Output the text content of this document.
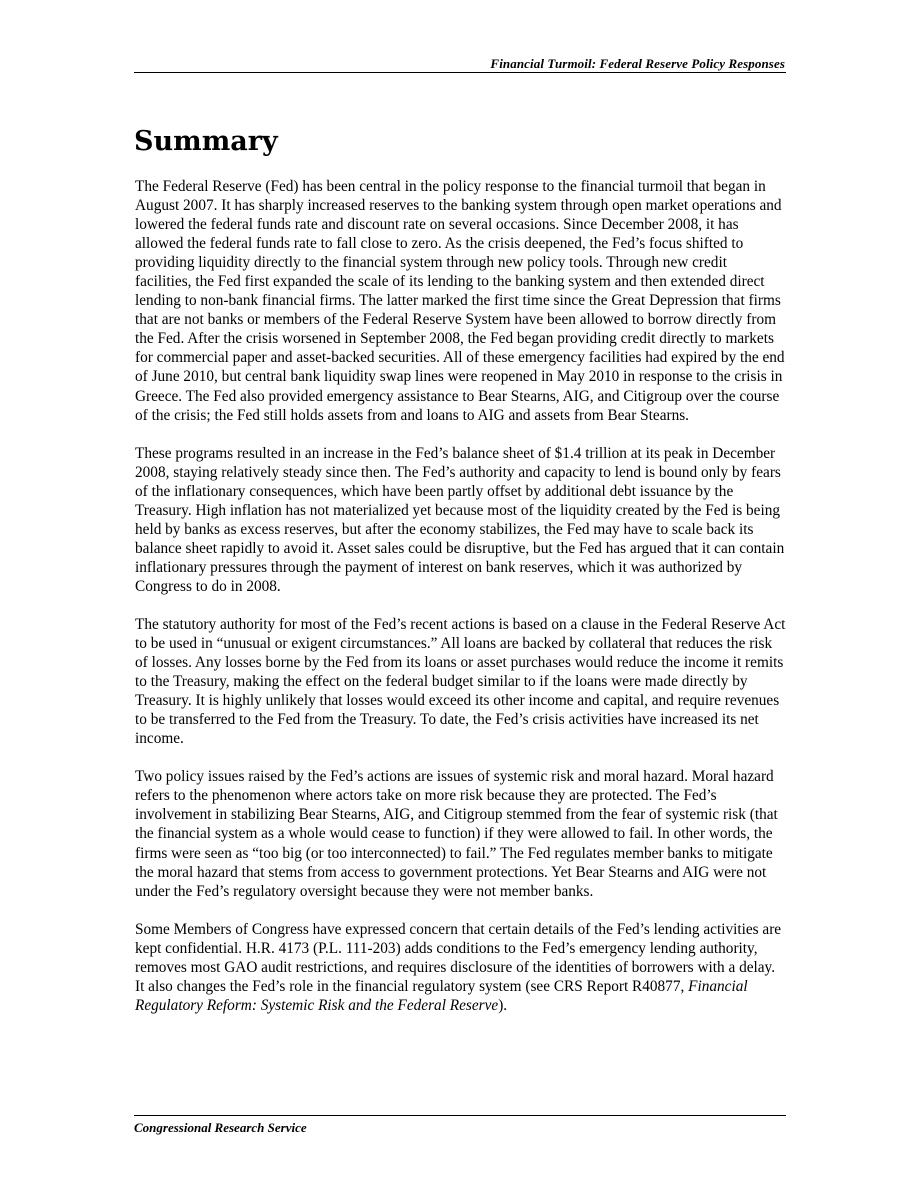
Financial Turmoil: Federal Reserve Policy Responses
Summary

The Federal Reserve (Fed) has been central in the policy response to the financial turmoil that began in August 2007. It has sharply increased reserves to the banking system through open market operations and lowered the federal funds rate and discount rate on several occasions. Since December 2008, it has allowed the federal funds rate to fall close to zero. As the crisis deepened, the Fed’s focus shifted to providing liquidity directly to the financial system through new policy tools. Through new credit facilities, the Fed first expanded the scale of its lending to the banking system and then extended direct lending to non-bank financial firms. The latter marked the first time since the Great Depression that firms that are not banks or members of the Federal Reserve System have been allowed to borrow directly from the Fed. After the crisis worsened in September 2008, the Fed began providing credit directly to markets for commercial paper and asset-backed securities. All of these emergency facilities had expired by the end of June 2010, but central bank liquidity swap lines were reopened in May 2010 in response to the crisis in Greece. The Fed also provided emergency assistance to Bear Stearns, AIG, and Citigroup over the course of the crisis; the Fed still holds assets from and loans to AIG and assets from Bear Stearns.

These programs resulted in an increase in the Fed’s balance sheet of $1.4 trillion at its peak in December 2008, staying relatively steady since then. The Fed’s authority and capacity to lend is bound only by fears of the inflationary consequences, which have been partly offset by additional debt issuance by the Treasury. High inflation has not materialized yet because most of the liquidity created by the Fed is being held by banks as excess reserves, but after the economy stabilizes, the Fed may have to scale back its balance sheet rapidly to avoid it. Asset sales could be disruptive, but the Fed has argued that it can contain inflationary pressures through the payment of interest on bank reserves, which it was authorized by Congress to do in 2008.

The statutory authority for most of the Fed’s recent actions is based on a clause in the Federal Reserve Act to be used in “unusual or exigent circumstances.” All loans are backed by collateral that reduces the risk of losses. Any losses borne by the Fed from its loans or asset purchases would reduce the income it remits to the Treasury, making the effect on the federal budget similar to if the loans were made directly by Treasury. It is highly unlikely that losses would exceed its other income and capital, and require revenues to be transferred to the Fed from the Treasury. To date, the Fed’s crisis activities have increased its net income.

Two policy issues raised by the Fed’s actions are issues of systemic risk and moral hazard. Moral hazard refers to the phenomenon where actors take on more risk because they are protected. The Fed’s involvement in stabilizing Bear Stearns, AIG, and Citigroup stemmed from the fear of systemic risk (that the financial system as a whole would cease to function) if they were allowed to fail. In other words, the firms were seen as “too big (or too interconnected) to fail.” The Fed regulates member banks to mitigate the moral hazard that stems from access to government protections. Yet Bear Stearns and AIG were not under the Fed’s regulatory oversight because they were not member banks.

Some Members of Congress have expressed concern that certain details of the Fed’s lending activities are kept confidential. H.R. 4173 (P.L. 111-203) adds conditions to the Fed’s emergency lending authority, removes most GAO audit restrictions, and requires disclosure of the identities of borrowers with a delay. It also changes the Fed’s role in the financial regulatory system (see CRS Report R40877, Financial Regulatory Reform: Systemic Risk and the Federal Reserve).

Congressional Research Service
